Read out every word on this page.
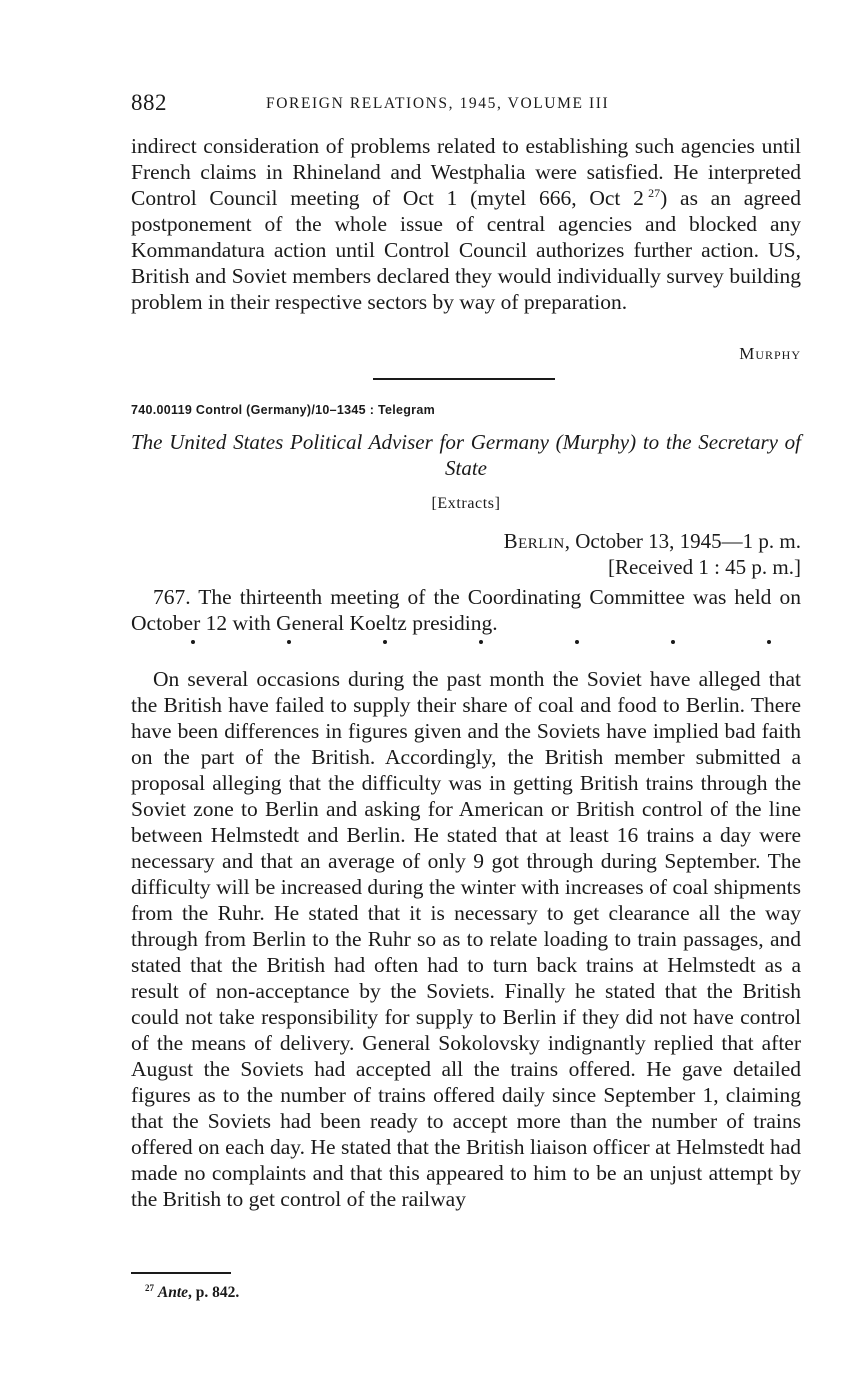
882	FOREIGN RELATIONS, 1945, VOLUME III

indirect consideration of problems related to establishing such agencies until French claims in Rhineland and Westphalia were satisfied. He interpreted Control Council meeting of Oct 1 (mytel 666, Oct 2  $^{27}$) as an agreed postponement of the whole issue of central agencies and blocked any Kommandatura action until Control Council authorizes further action. US, British and Soviet members declared they would individually survey building problem in their respective sectors by way of preparation.

Murphy
740.00119 Control (Germany)/10–1345 : Telegram

The United States Political Adviser for Germany (Murphy) to the Secretary of State

[Extracts]
Berlin, October 13, 1945—1 p. m.
[Received 1 : 45 p. m.]

767. The thirteenth meeting of the Coordinating Committee was held on October 12 with General Koeltz presiding.

On several occasions during the past month the Soviet have alleged that the British have failed to supply their share of coal and food to Berlin. There have been differences in figures given and the Soviets have implied bad faith on the part of the British. Accordingly, the British member submitted a proposal alleging that the difficulty was in getting British trains through the Soviet zone to Berlin and asking for American or British control of the line between Helmstedt and Berlin. He stated that at least 16 trains a day were necessary and that an average of only 9 got through during September. The difficulty will be increased during the winter with increases of coal shipments from the Ruhr. He stated that it is necessary to get clearance all the way through from Berlin to the Ruhr so as to relate loading to train passages, and stated that the British had often had to turn back trains at Helmstedt as a result of non-acceptance by the Soviets. Finally he stated that the British could not take responsibility for supply to Berlin if they did not have control of the means of delivery. General Sokolovsky indignantly replied that after August the Soviets had accepted all the trains offered. He gave detailed figures as to the number of trains offered daily since September 1, claiming that the Soviets had been ready to accept more than the number of trains offered on each day. He stated that the British liaison officer at Helmstedt had made no complaints and that this appeared to him to be an unjust attempt by the British to get control of the railway

$^{27}$ Ante, p. 842.
